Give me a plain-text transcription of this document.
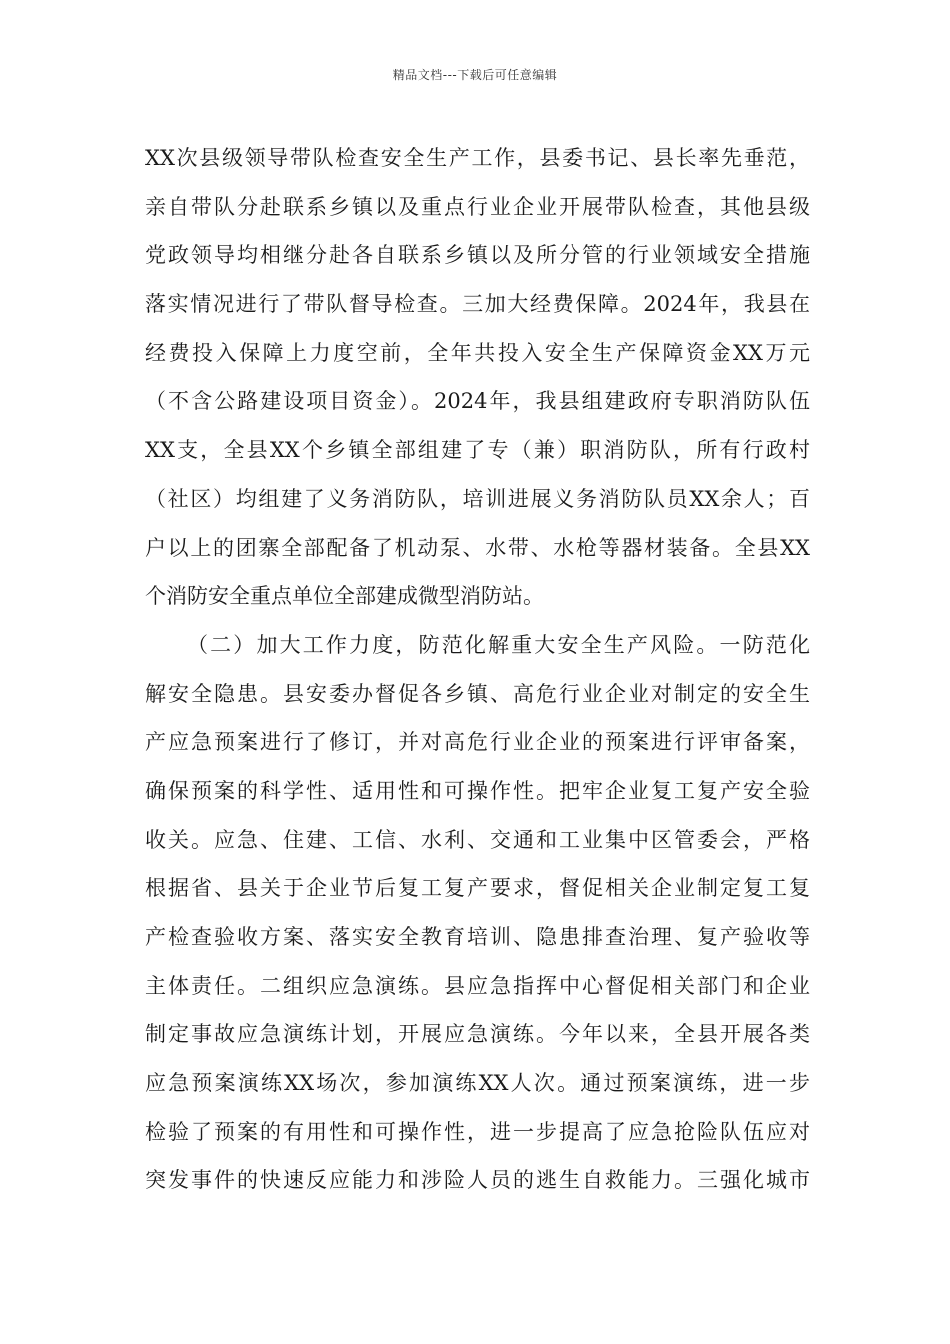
精品文档---下载后可任意编辑
XX次县级领导带队检查安全生产工作，县委书记、县长率先垂范，
亲自带队分赴联系乡镇以及重点行业企业开展带队检查，其他县级
党政领导均相继分赴各自联系乡镇以及所分管的行业领域安全措施
落实情况进行了带队督导检查。三加大经费保障。2024年，我县在
经费投入保障上力度空前，全年共投入安全生产保障资金XX万元
（不含公路建设项目资金）。2024年，我县组建政府专职消防队伍
XX支，全县XX个乡镇全部组建了专（兼）职消防队，所有行政村
（社区）均组建了义务消防队，培训进展义务消防队员XX余人；百
户以上的团寨全部配备了机动泵、水带、水枪等器材装备。全县XX
个消防安全重点单位全部建成微型消防站。
（二）加大工作力度，防范化解重大安全生产风险。一防范化
解安全隐患。县安委办督促各乡镇、高危行业企业对制定的安全生
产应急预案进行了修订，并对高危行业企业的预案进行评审备案，
确保预案的科学性、适用性和可操作性。把牢企业复工复产安全验
收关。应急、住建、工信、水利、交通和工业集中区管委会，严格
根据省、县关于企业节后复工复产要求，督促相关企业制定复工复
产检查验收方案、落实安全教育培训、隐患排查治理、复产验收等
主体责任。二组织应急演练。县应急指挥中心督促相关部门和企业
制定事故应急演练计划，开展应急演练。今年以来，全县开展各类
应急预案演练XX场次，参加演练XX人次。通过预案演练，进一步
检验了预案的有用性和可操作性，进一步提高了应急抢险队伍应对
突发事件的快速反应能力和涉险人员的逃生自救能力。三强化城市
